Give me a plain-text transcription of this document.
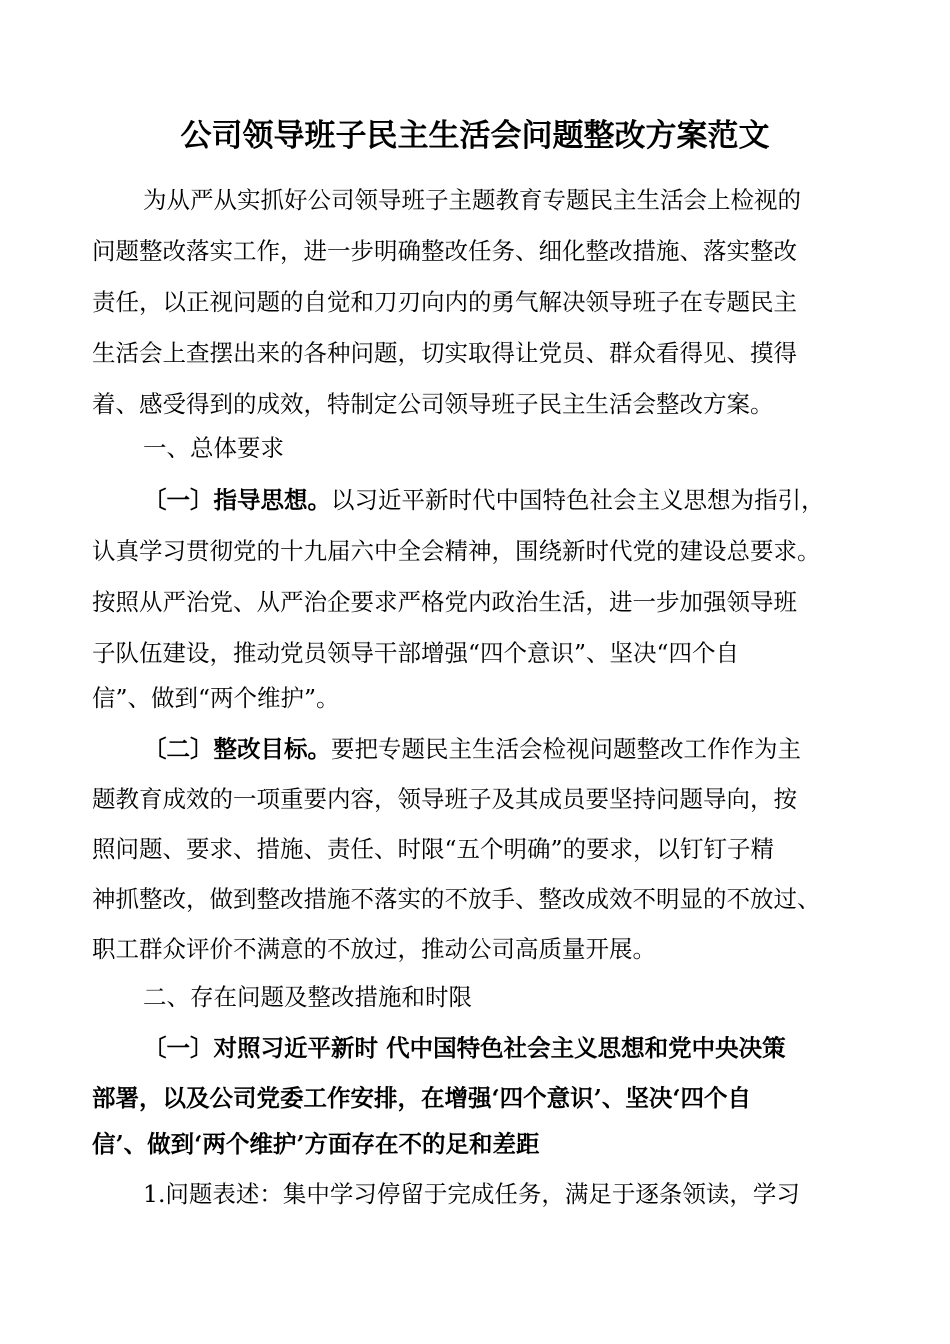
公司领导班子民主生活会问题整改方案范文
为从严从实抓好公司领导班子主题教育专题民主生活会上检视的
问题整改落实工作，进一步明确整改任务、细化整改措施、落实整改
责任，以正视问题的自觉和刀刃向内的勇气解决领导班子在专题民主
生活会上查摆出来的各种问题，切实取得让党员、群众看得见、摸得
着、感受得到的成效，特制定公司领导班子民主生活会整改方案。
一、总体要求
〔一〕指导思想。以习近平新时代中国特色社会主义思想为指引，
认真学习贯彻党的十九届六中全会精神，围绕新时代党的建设总要求。
按照从严治党、从严治企要求严格党内政治生活，进一步加强领导班
子队伍建设，推动党员领导干部增强“四个意识”、坚决“四个自
信”、做到“两个维护”。
〔二〕整改目标。要把专题民主生活会检视问题整改工作作为主
题教育成效的一项重要内容，领导班子及其成员要坚持问题导向，按
照问题、要求、措施、责任、时限“五个明确”的要求，以钉钉子精
神抓整改，做到整改措施不落实的不放手、整改成效不明显的不放过、
职工群众评价不满意的不放过，推动公司高质量开展。
二、存在问题及整改措施和时限
〔一〕对照习近平新时 代中国特色社会主义思想和党中央决策
部署，以及公司党委工作安排，在增强‘四个意识’、坚决‘四个自
信’、做到‘两个维护’方面存在不的足和差距
1.问题表述：集中学习停留于完成任务，满足于逐条领读，学习
